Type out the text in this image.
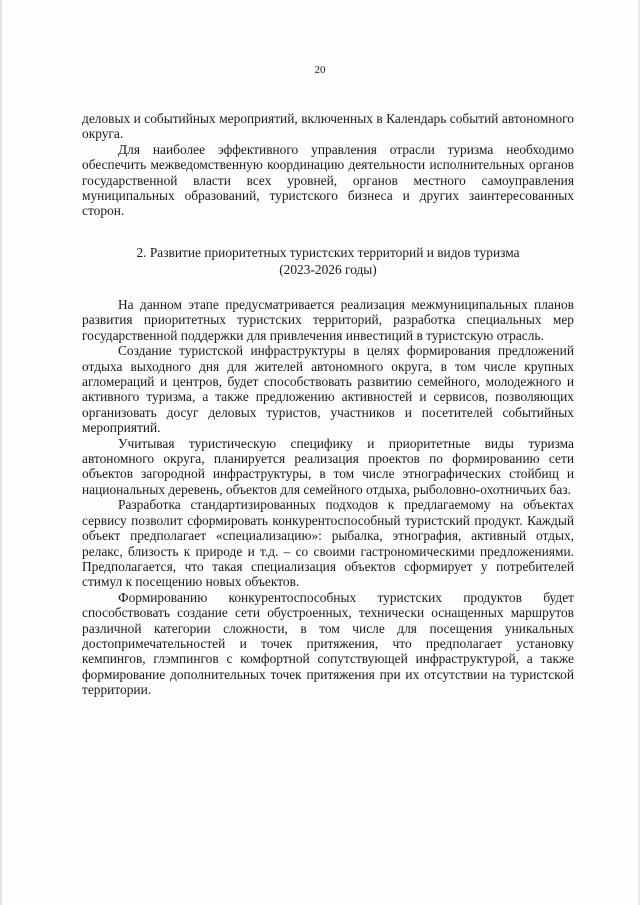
20

деловых и событийных мероприятий, включенных в Календарь событий автономного округа.

Для наиболее эффективного управления отрасли туризма необходимо обеспечить межведомственную координацию деятельности исполнительных органов государственной власти всех уровней, органов местного самоуправления муниципальных образований, туристского бизнеса и других заинтересованных сторон.

2. Развитие приоритетных туристских территорий и видов туризма
(2023-2026 годы)

На данном этапе предусматривается реализация межмуниципальных планов развития приоритетных туристских территорий, разработка специальных мер государственной поддержки для привлечения инвестиций в туристскую отрасль.

Создание туристской инфраструктуры в целях формирования предложений отдыха выходного дня для жителей автономного округа, в том числе крупных агломераций и центров, будет способствовать развитию семейного, молодежного и активного туризма, а также предложению активностей и сервисов, позволяющих организовать досуг деловых туристов, участников и посетителей событийных мероприятий.

Учитывая туристическую специфику и приоритетные виды туризма автономного округа, планируется реализация проектов по формированию сети объектов загородной инфраструктуры, в том числе этнографических стойбищ и национальных деревень, объектов для семейного отдыха, рыболовно-охотничьих баз.

Разработка стандартизированных подходов к предлагаемому на объектах сервису позволит сформировать конкурентоспособный туристский продукт. Каждый объект предполагает «специализацию»: рыбалка, этнография, активный отдых, релакс, близость к природе и т.д. – со своими гастрономическими предложениями. Предполагается, что такая специализация объектов сформирует у потребителей стимул к посещению новых объектов.

Формированию конкурентоспособных туристских продуктов будет способствовать создание сети обустроенных, технически оснащенных маршрутов различной категории сложности, в том числе для посещения уникальных достопримечательностей и точек притяжения, что предполагает установку кемпингов, глэмпингов с комфортной сопутствующей инфраструктурой, а также формирование дополнительных точек притяжения при их отсутствии на туристской территории.
